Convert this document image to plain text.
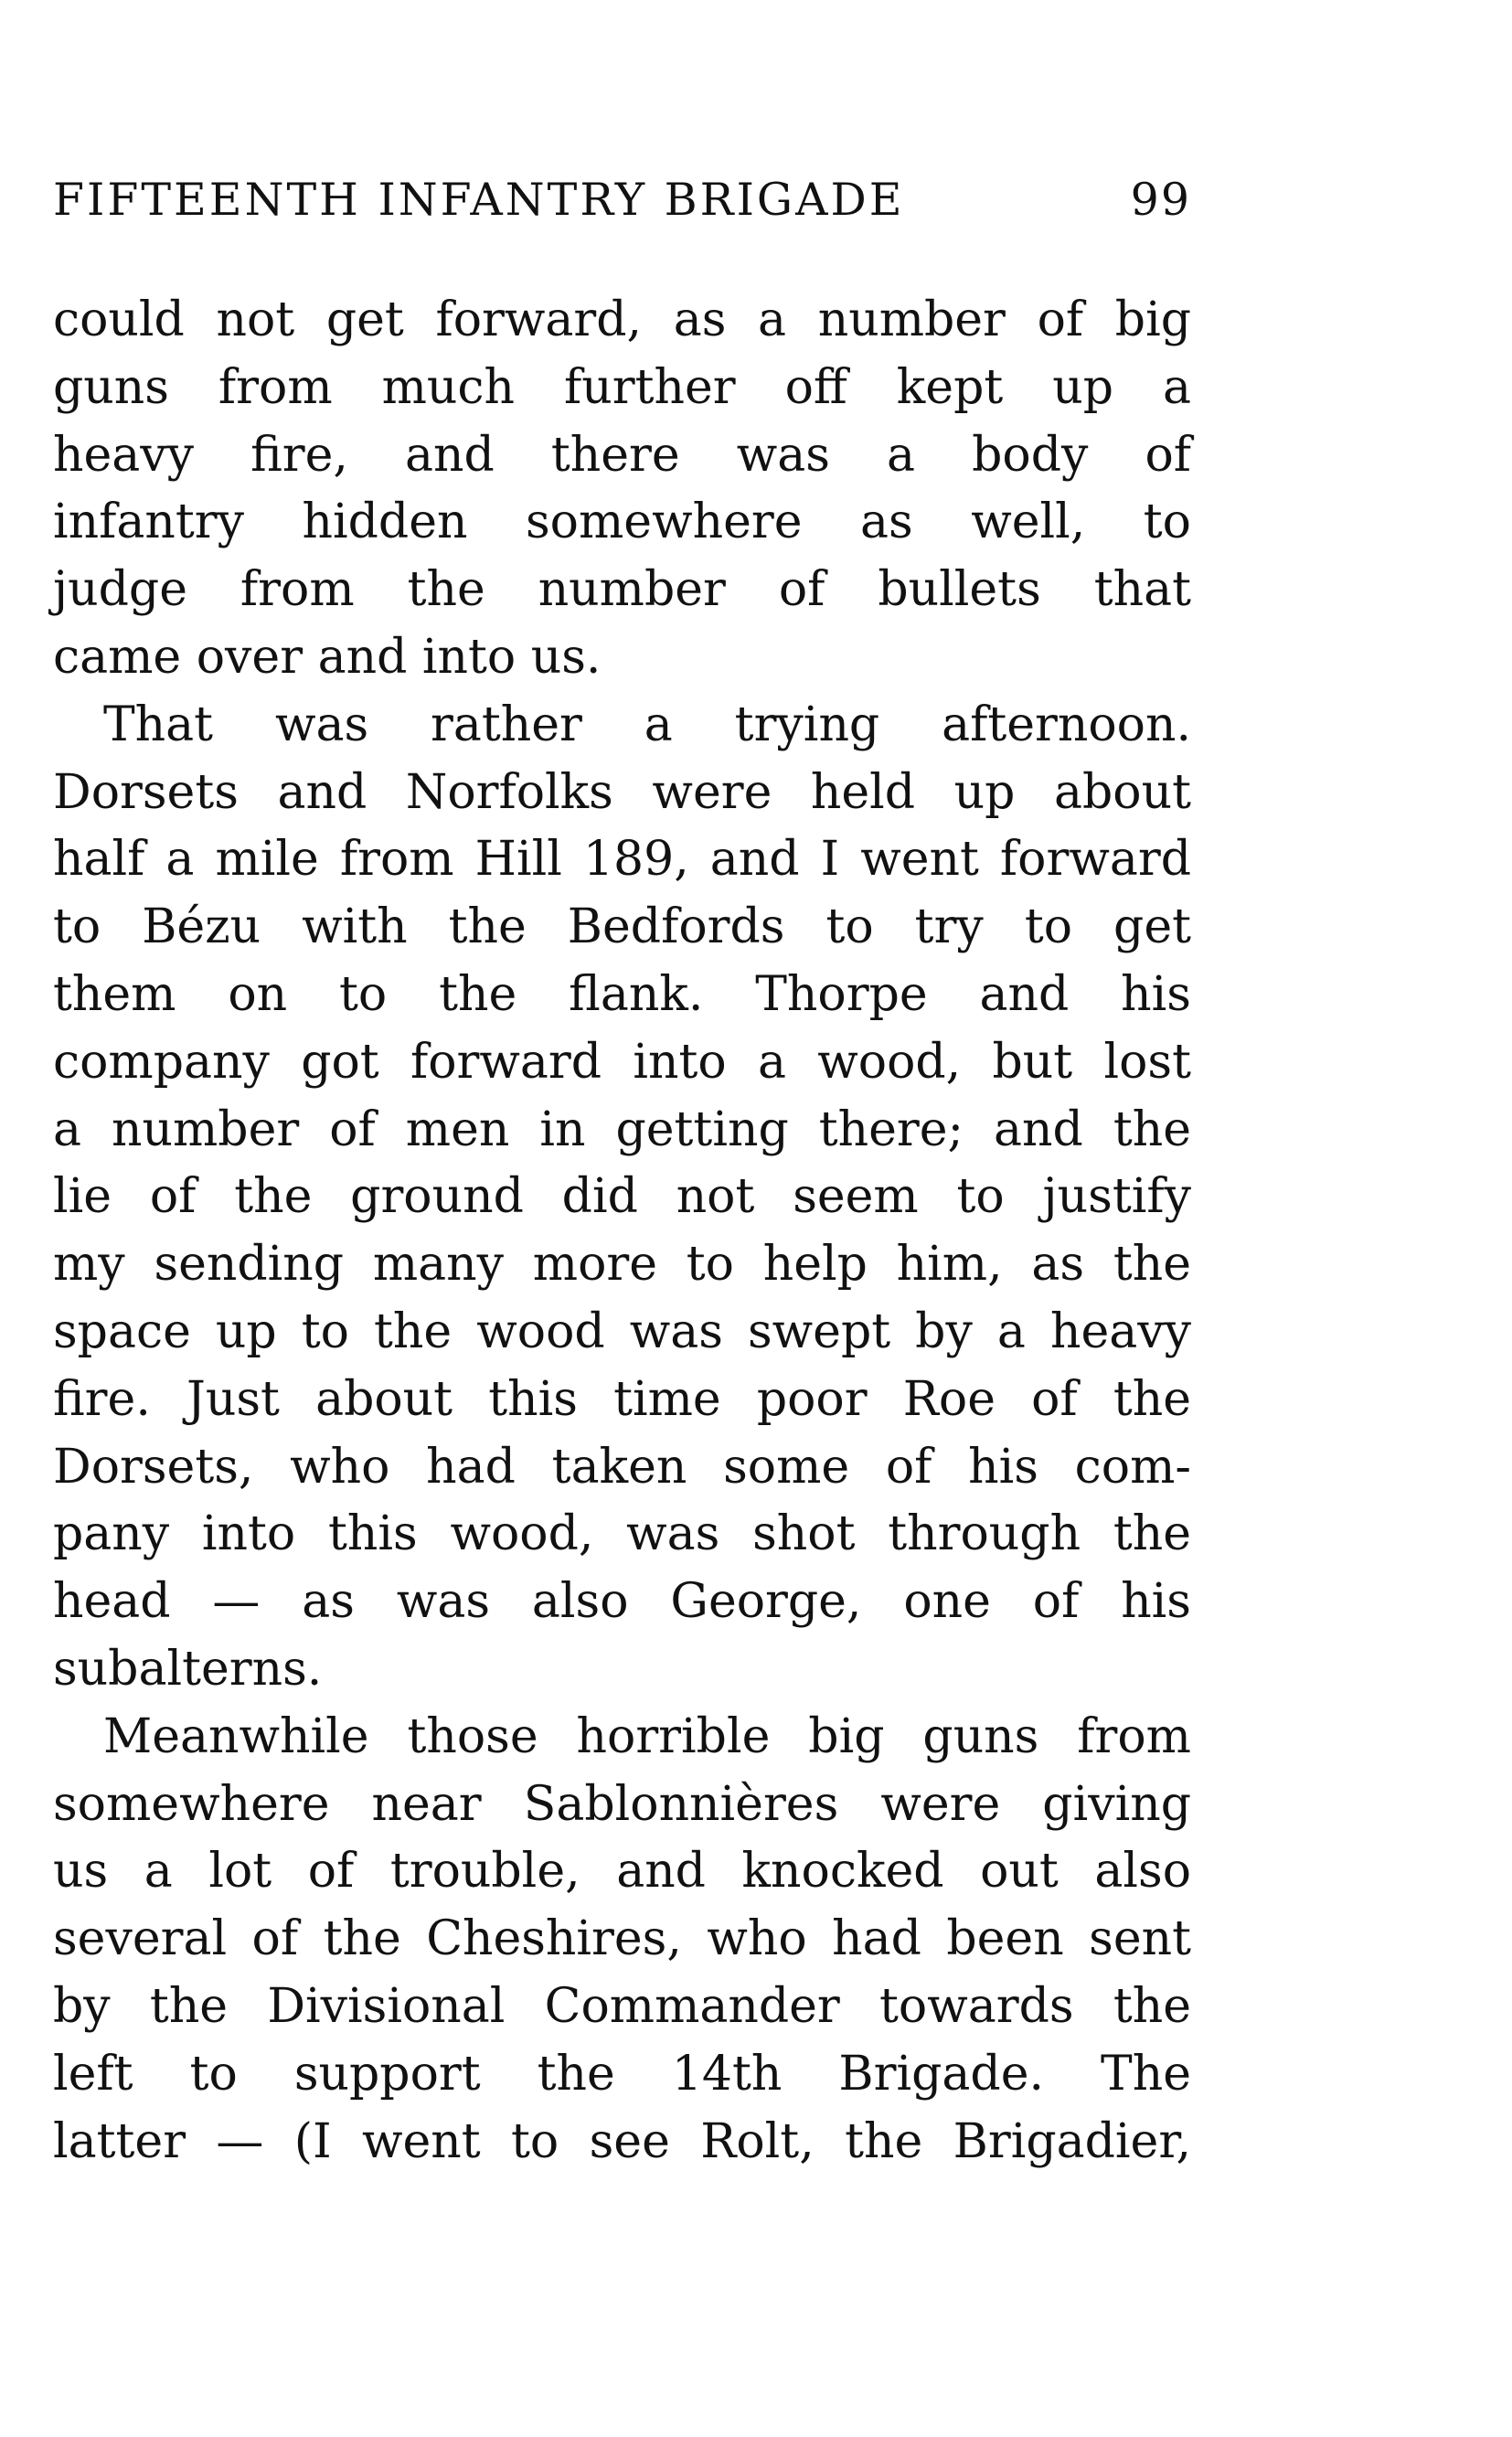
FIFTEENTH INFANTRY BRIGADE	99
could not get forward, as a number of big
guns from much further off kept up a
heavy fire, and there was a body of
infantry hidden somewhere as well, to
judge from the number of bullets that
came over and into us.
That was rather a trying afternoon.
Dorsets and Norfolks were held up about
half a mile from Hill 189, and I went forward
to Bézu with the Bedfords to try to get
them on to the flank. Thorpe and his
company got forward into a wood, but lost
a number of men in getting there; and the
lie of the ground did not seem to justify
my sending many more to help him, as the
space up to the wood was swept by a heavy
fire. Just about this time poor Roe of the
Dorsets, who had taken some of his com-
pany into this wood, was shot through the
head — as was also George, one of his
subalterns.
Meanwhile those horrible big guns from
somewhere near Sablonnières were giving
us a lot of trouble, and knocked out also
several of the Cheshires, who had been sent
by the Divisional Commander towards the
left to support the 14th Brigade. The
latter — (I went to see Rolt, the Brigadier,
